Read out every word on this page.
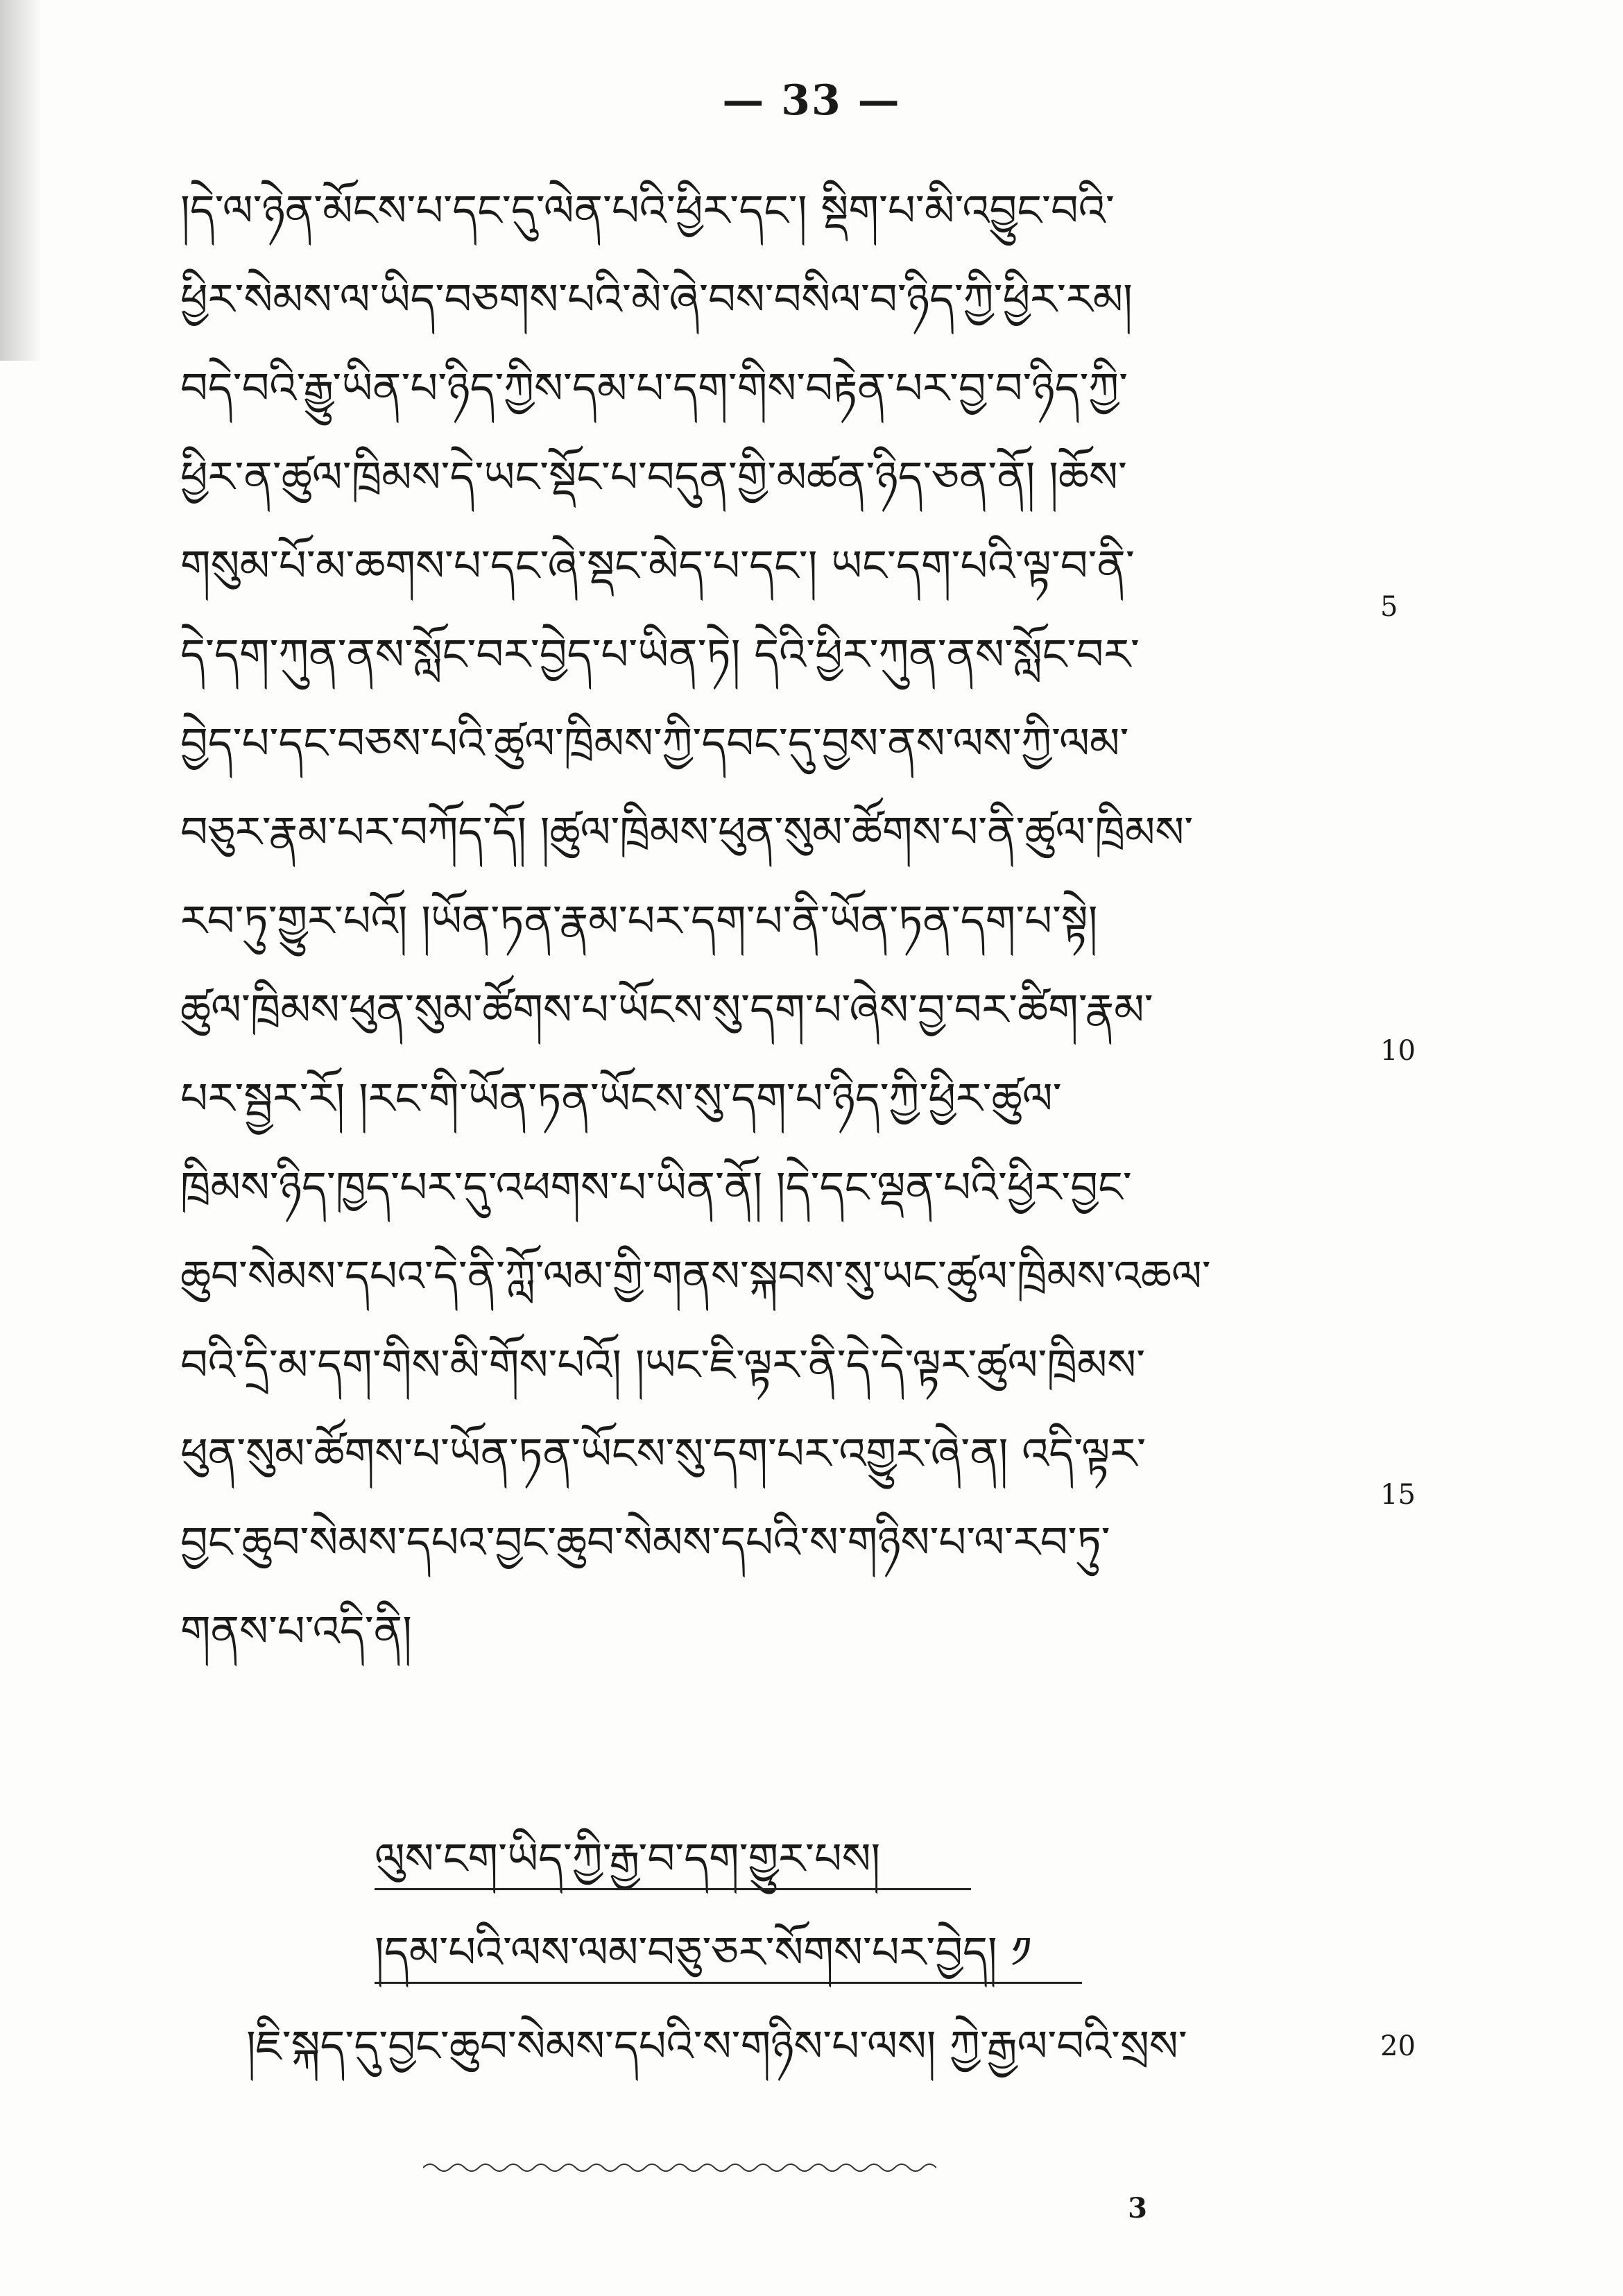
— 33 —
།དེ་ལ་ཉེན་མོངས་པ་དང་དུ་ལེན་པའི་ཕྱིར་དང་། སྡིག་པ་མི་འབྱུང་བའི་
ཕྱིར་སེམས་ལ་ཡིད་བཅགས་པའི་མེ་ཞེ་བས་བསིལ་བ་ཉིད་ཀྱི་ཕྱིར་རམ།
བདེ་བའི་རྒྱུ་ཡིན་པ་ཉིད་ཀྱིས་དམ་པ་དག་གིས་བརྟེན་པར་བྱ་བ་ཉིད་ཀྱི་
ཕྱིར་ན་ཚུལ་ཁྲིམས་དེ་ཡང་སྡོང་པ་བདུན་གྱི་མཚན་ཉིད་ཅན་ནོ། །ཆོས་
གསུམ་པོ་མ་ཆགས་པ་དང་ཞེ་སྡང་མེད་པ་དང་། ཡང་དག་པའི་ལྟ་བ་ནི་
དེ་དག་ཀུན་ནས་སློང་བར་བྱེད་པ་ཡིན་ཏེ། དེའི་ཕྱིར་ཀུན་ནས་སློང་བར་
བྱེད་པ་དང་བཅས་པའི་ཚུལ་ཁྲིམས་ཀྱི་དབང་དུ་བྱས་ནས་ལས་ཀྱི་ལམ་
བཅུར་རྣམ་པར་བཀོད་དོ། །ཚུལ་ཁྲིམས་ཕུན་སུམ་ཚོགས་པ་ནི་ཚུལ་ཁྲིམས་
རབ་ཏུ་གྱུར་པའོ། །ཡོན་ཏན་རྣམ་པར་དག་པ་ནི་ཡོན་ཏན་དག་པ་སྟེ།
ཚུལ་ཁྲིམས་ཕུན་སུམ་ཚོགས་པ་ཡོངས་སུ་དག་པ་ཞེས་བྱ་བར་ཚིག་རྣམ་
པར་སྦྱར་རོ། །རང་གི་ཡོན་ཏན་ཡོངས་སུ་དག་པ་ཉིད་ཀྱི་ཕྱིར་ཚུལ་
ཁྲིམས་ཉིད་ཁྱད་པར་དུ་འཕགས་པ་ཡིན་ནོ། །དེ་དང་ལྡན་པའི་ཕྱིར་བྱང་
ཆུབ་སེམས་དཔའ་དེ་ནི་ཀློ་ལམ་གྱི་གནས་སྐབས་སུ་ཡང་ཚུལ་ཁྲིམས་འཆལ་
བའི་དྲི་མ་དག་གིས་མི་གོས་པའོ། །ཡང་ཇི་ལྟར་ནི་དེ་དེ་ལྟར་ཚུལ་ཁྲིམས་
ཕུན་སུམ་ཚོགས་པ་ཡོན་ཏན་ཡོངས་སུ་དག་པར་འགྱུར་ཞེ་ན། འདི་ལྟར་
བྱང་ཆུབ་སེམས་དཔའ་བྱང་ཆུབ་སེམས་དཔའི་ས་གཉིས་པ་ལ་རབ་ཏུ་
གནས་པ་འདི་ནི།
5
10
15
ལུས་ངག་ཡིད་ཀྱི་རྒྱ་བ་དག་གྱུར་པས།
།དམ་པའི་ལས་ལམ་བཅུ་ཅར་སོགས་པར་བྱེད། ༡
།ཇི་སྐད་དུ་བྱང་ཆུབ་སེམས་དཔའི་ས་གཉིས་པ་ལས། ཀྱེ་རྒྱལ་བའི་སྲས་	20
3
